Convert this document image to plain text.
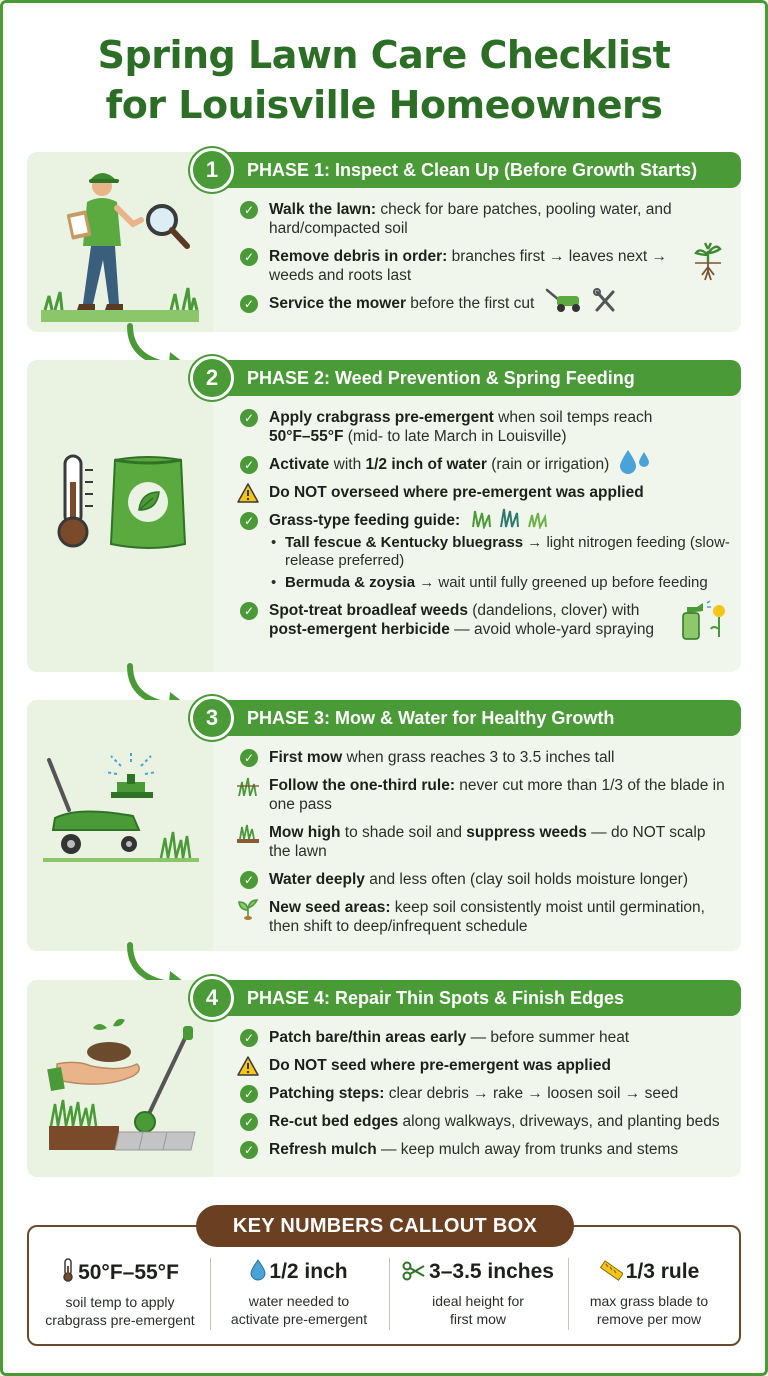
Spring Lawn Care Checklist
for Louisville Homeowners
PHASE 1: Inspect & Clean Up (Before Growth Starts)
1
✓ Walk the lawn: check for bare patches, pooling water, and hard/compacted soil
✓ Remove debris in order: branches first → leaves next → weeds and roots last
✓ Service the mower before the first cut
PHASE 2: Weed Prevention & Spring Feeding
2
✓ Apply crabgrass pre-emergent when soil temps reach
50°F–55°F (mid- to late March in Louisville)
✓ Activate with 1/2 inch of water (rain or irrigation)
Do NOT overseed where pre-emergent was applied
✓ Grass-type feeding guide:
• Tall fescue & Kentucky bluegrass → light nitrogen feeding (slow-release preferred)
• Bermuda & zoysia → wait until fully greened up before feeding
✓ Spot-treat broadleaf weeds (dandelions, clover) with
post-emergent herbicide — avoid whole-yard spraying
PHASE 3: Mow & Water for Healthy Growth
3
✓ First mow when grass reaches 3 to 3.5 inches tall
Follow the one-third rule: never cut more than 1/3 of the blade in one pass
Mow high to shade soil and suppress weeds — do NOT scalp the lawn
✓ Water deeply and less often (clay soil holds moisture longer)
New seed areas: keep soil consistently moist until germination, then shift to deep/infrequent schedule
PHASE 4: Repair Thin Spots & Finish Edges
4
✓ Patch bare/thin areas early — before summer heat
Do NOT seed where pre-emergent was applied
✓ Patching steps: clear debris → rake → loosen soil → seed
✓ Re-cut bed edges along walkways, driveways, and planting beds
✓ Refresh mulch — keep mulch away from trunks and stems
KEY NUMBERS CALLOUT BOX
50°F–55°F
soil temp to apply
crabgrass pre-emergent
1/2 inch
water needed to
activate pre-emergent
3–3.5 inches
ideal height for
first mow
1/3 rule
max grass blade to
remove per mow
